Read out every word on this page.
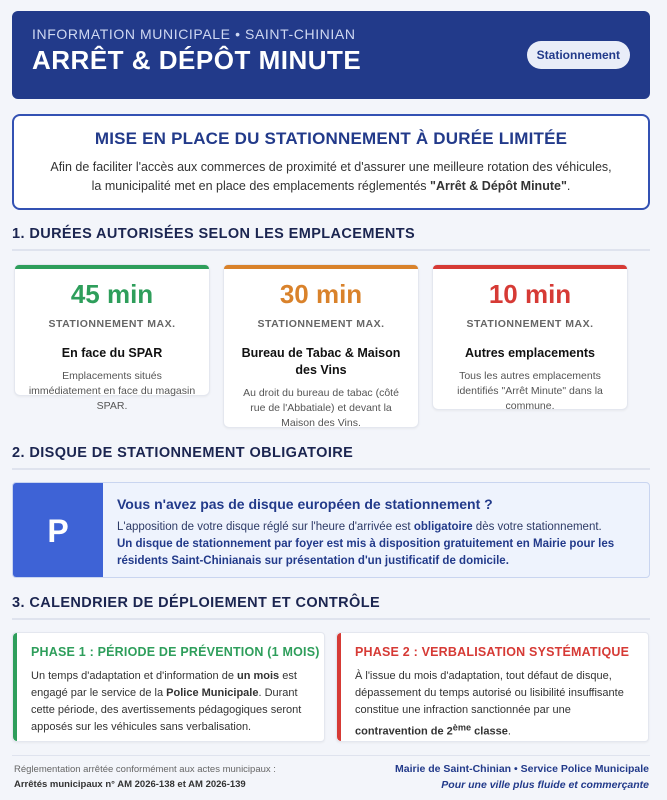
INFORMATION MUNICIPALE • SAINT-CHINIAN
ARRÊT & DÉPÔT MINUTE	Stationnement
MISE EN PLACE DU STATIONNEMENT À DURÉE LIMITÉE
Afin de faciliter l'accès aux commerces de proximité et d'assurer une meilleure rotation des véhicules,
la municipalité met en place des emplacements réglementés "Arrêt & Dépôt Minute".
1. DURÉES AUTORISÉES SELON LES EMPLACEMENTS
45 min
STATIONNEMENT MAX.
En face du SPAR
Emplacements situés immédiatement en face du magasin SPAR.
30 min
STATIONNEMENT MAX.
Bureau de Tabac & Maison des Vins
Au droit du bureau de tabac (côté rue de l'Abbatiale) et devant la Maison des Vins.
10 min
STATIONNEMENT MAX.
Autres emplacements
Tous les autres emplacements identifiés "Arrêt Minute" dans la commune.
2. DISQUE DE STATIONNEMENT OBLIGATOIRE
P
Vous n'avez pas de disque européen de stationnement ?
L'apposition de votre disque réglé sur l'heure d'arrivée est obligatoire dès votre stationnement.
Un disque de stationnement par foyer est mis à disposition gratuitement en Mairie pour les résidents Saint-Chinianais sur présentation d'un justificatif de domicile.
3. CALENDRIER DE DÉPLOIEMENT ET CONTRÔLE
PHASE 1 : PÉRIODE DE PRÉVENTION (1 MOIS)
Un temps d'adaptation et d'information de un mois est engagé par le service de la Police Municipale. Durant cette période, des avertissements pédagogiques seront apposés sur les véhicules sans verbalisation.
PHASE 2 : VERBALISATION SYSTÉMATIQUE
À l'issue du mois d'adaptation, tout défaut de disque, dépassement du temps autorisé ou lisibilité insuffisante constitue une infraction sanctionnée par une contravention de 2ème classe.
Réglementation arrêtée conformément aux actes municipaux :
Arrêtés municipaux n° AM 2026-138 et AM 2026-139
Mairie de Saint-Chinian • Service Police Municipale
Pour une ville plus fluide et commerçante
